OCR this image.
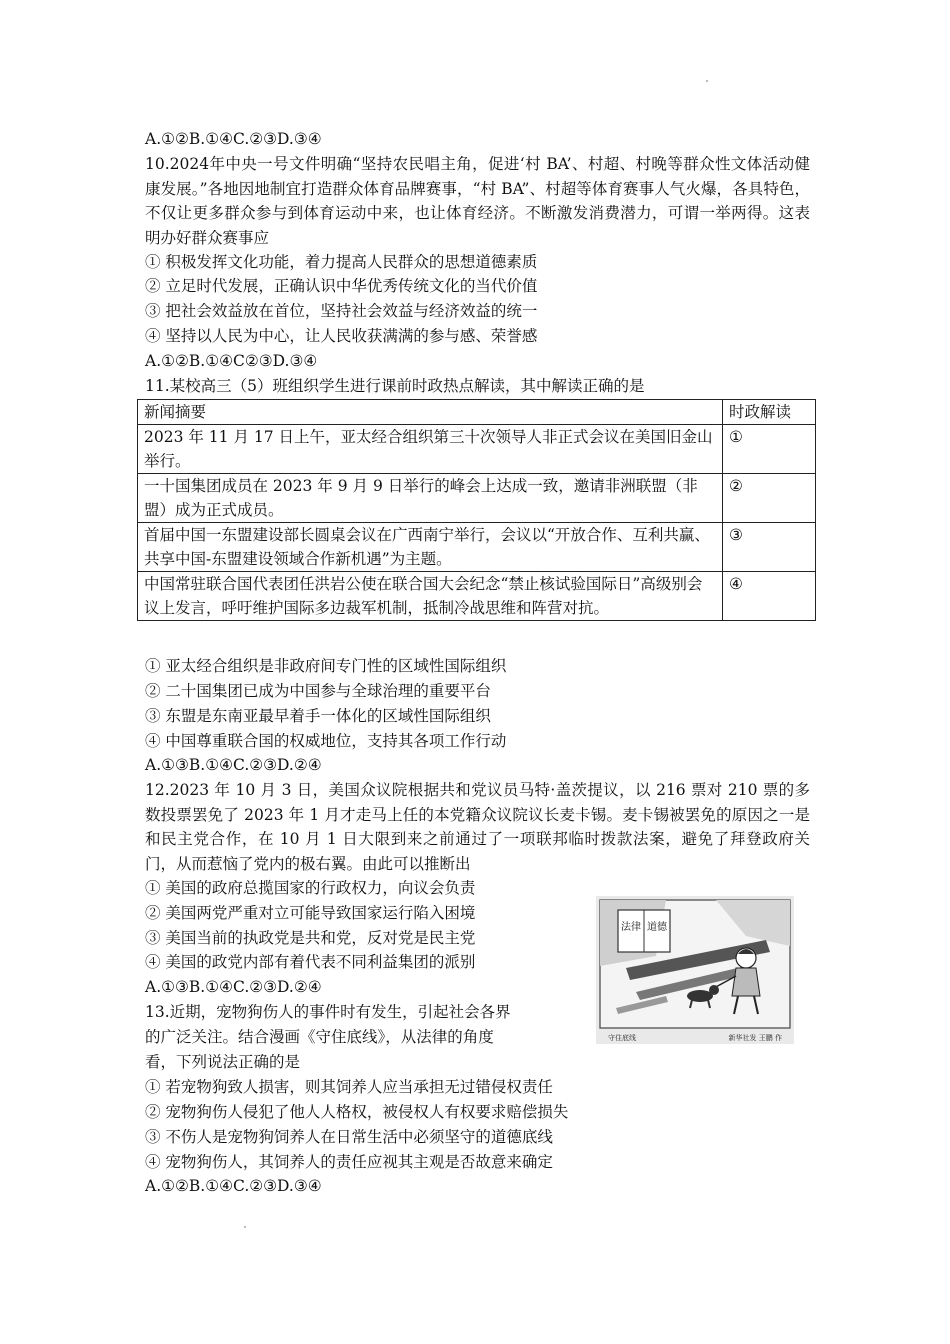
A.①②B.①④C.②③D.③④
10.2024年中央一号文件明确“坚持农民唱主角，促进‘村 BA’、村超、村晚等群众性文体活动健康发展。”各地因地制宜打造群众体育品牌赛事，“村 BA”、村超等体育赛事人气火爆，各具特色，不仅让更多群众参与到体育运动中来，也让体育经济。不断激发消费潜力，可谓一举两得。这表明办好群众赛事应
① 积极发挥文化功能，着力提高人民群众的思想道德素质
② 立足时代发展，正确认识中华优秀传统文化的当代价值
③ 把社会效益放在首位，坚持社会效益与经济效益的统一
④ 坚持以人民为中心，让人民收获满满的参与感、荣誉感
A.①②B.①④C②③D.③④
11.某校高三（5）班组织学生进行课前时政热点解读，其中解读正确的是
新闻摘要	时政解读
2023 年 11 月 17 日上午，亚太经合组织第三十次领导人非正式会议在美国旧金山举行。	①
一十国集团成员在 2023 年 9 月 9 日举行的峰会上达成一致，邀请非洲联盟（非盟）成为正式成员。	②
首届中国一东盟建设部长圆桌会议在广西南宁举行，会议以“开放合作、互利共赢、共享中国-东盟建设领域合作新机遇”为主题。	③
中国常驻联合国代表团任洪岩公使在联合国大会纪念“禁止核试验国际日”高级别会议上发言，呼吁维护国际多边裁军机制，抵制冷战思维和阵营对抗。	④
① 亚太经合组织是非政府间专门性的区域性国际组织
② 二十国集团已成为中国参与全球治理的重要平台
③ 东盟是东南亚最早着手一体化的区域性国际组织
④ 中国尊重联合国的权威地位，支持其各项工作行动
A.①③B.①④C.②③D.②④
12.2023 年 10 月 3 日，美国众议院根据共和党议员马特·盖茨提议，以 216 票对 210 票的多数投票罢免了 2023 年 1 月才走马上任的本党籍众议院议长麦卡锡。麦卡锡被罢免的原因之一是和民主党合作，在 10 月 1 日大限到来之前通过了一项联邦临时拨款法案，避免了拜登政府关门，从而惹恼了党内的极右翼。由此可以推断出
① 美国的政府总揽国家的行政权力，向议会负责
② 美国两党严重对立可能导致国家运行陷入困境
③ 美国当前的执政党是共和党，反对党是民主党
④ 美国的政党内部有着代表不同利益集团的派别
A.①③B.①④C.②③D.②④
13.近期，宠物狗伤人的事件时有发生，引起社会各界
的广泛关注。结合漫画《守住底线》，从法律的角度
看，下列说法正确的是
① 若宠物狗致人损害，则其饲养人应当承担无过错侵权责任
② 宠物狗伤人侵犯了他人人格权，被侵权人有权要求赔偿损失
③ 不伤人是宠物狗饲养人在日常生活中必须坚守的道德底线
④ 宠物狗伤人，其饲养人的责任应视其主观是否故意来确定
A.①②B.①④C.②③D.③④
法律 道德
守住底线	新华社发 王鹏 作
